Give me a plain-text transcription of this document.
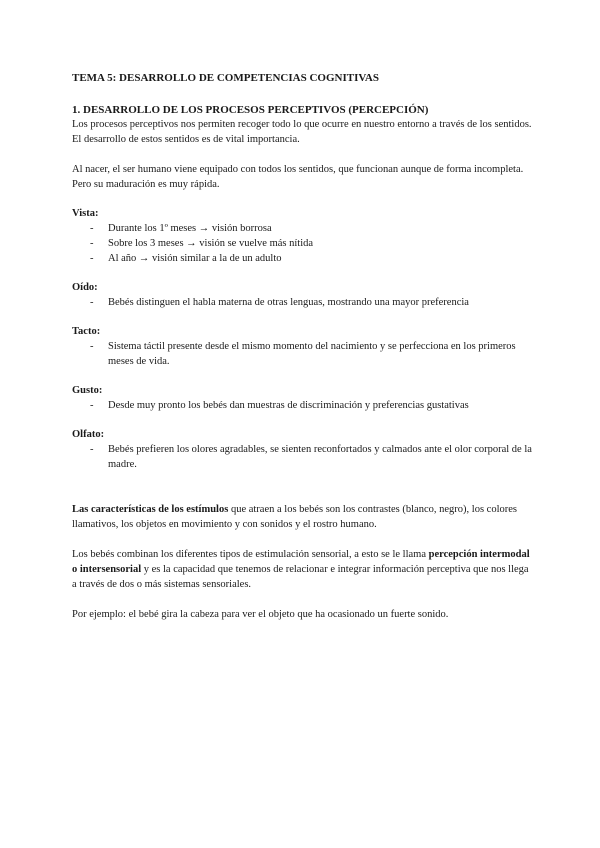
TEMA 5: DESARROLLO DE COMPETENCIAS COGNITIVAS
1. DESARROLLO DE LOS PROCESOS PERCEPTIVOS (PERCEPCIÓN)

Los procesos perceptivos nos permiten recoger todo lo que ocurre en nuestro entorno a través de los sentidos. El desarrollo de estos sentidos es de vital importancia.

Al nacer, el ser humano viene equipado con todos los sentidos, que funcionan aunque de forma incompleta. Pero su maduración es muy rápida.

Vista:

- Durante los 1º meses → visión borrosa
- Sobre los 3 meses → visión se vuelve más nítida
- Al año → visión similar a la de un adulto

Oído:

- Bebés distinguen el habla materna de otras lenguas, mostrando una mayor preferencia

Tacto:

- Sistema táctil presente desde el mismo momento del nacimiento y se perfecciona en los primeros meses de vida.

Gusto:

- Desde muy pronto los bebés dan muestras de discriminación y preferencias gustativas

Olfato:

- Bebés prefieren los olores agradables, se sienten reconfortados y calmados ante el olor corporal de la madre.

Las características de los estímulos que atraen a los bebés son los contrastes (blanco, negro), los colores llamativos, los objetos en movimiento y con sonidos y el rostro humano.

Los bebés combinan los diferentes tipos de estimulación sensorial, a esto se le llama percepción intermodal o intersensorial y es la capacidad que tenemos de relacionar e integrar información perceptiva que nos llega a través de dos o más sistemas sensoriales.

Por ejemplo: el bebé gira la cabeza para ver el objeto que ha ocasionado un fuerte sonido.
